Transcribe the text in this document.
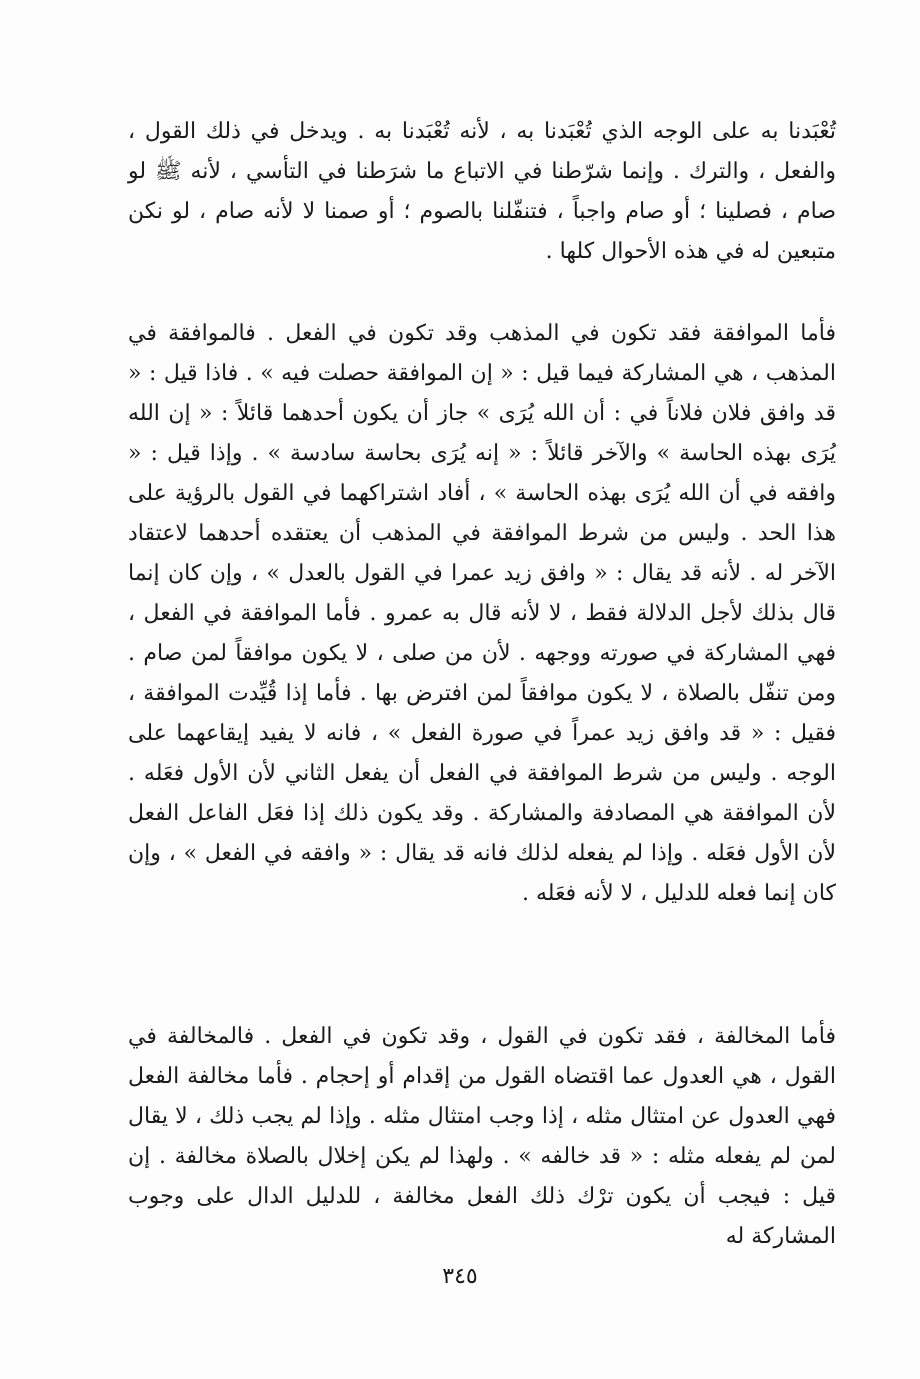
تُعْبَدنا به على الوجه الذي تُعْبَدنا به ، لأنه تُعْبَدنا به . ويدخل في ذلك القول ، والفعل ، والترك . وإنما شرّطنا في الاتباع ما شرَطنا في التأسي ، لأنه ﷺ لو صام ، فصلينا ؛ أو صام واجباً ، فتنفّلنا بالصوم ؛ أو صمنا لا لأنه صام ، لو نكن متبعين له في هذه الأحوال كلها .

فأما الموافقة فقد تكون في المذهب وقد تكون في الفعل . فالموافقة في المذهب ، هي المشاركة فيما قيل : « إن الموافقة حصلت فيه » . فاذا قيل : « قد وافق فلان فلاناً في : أن الله يُرَى » جاز أن يكون أحدهما قائلاً : « إن الله يُرَى بهذه الحاسة » والآخر قائلاً : « إنه يُرَى بحاسة سادسة » . وإذا قيل : « وافقه في أن الله يُرَى بهذه الحاسة » ، أفاد اشتراكهما في القول بالرؤية على هذا الحد . وليس من شرط الموافقة في المذهب أن يعتقده أحدهما لاعتقاد الآخر له . لأنه قد يقال : « وافق زيد عمرا في القول بالعدل » ، وإن كان إنما قال بذلك لأجل الدلالة فقط ، لا لأنه قال به عمرو . فأما الموافقة في الفعل ، فهي المشاركة في صورته ووجهه . لأن من صلى ، لا يكون موافقاً لمن صام . ومن تنفّل بالصلاة ، لا يكون موافقاً لمن افترض بها . فأما إذا قُيِّدت الموافقة ، فقيل : « قد وافق زيد عمراً في صورة الفعل » ، فانه لا يفيد إيقاعهما على الوجه . وليس من شرط الموافقة في الفعل أن يفعل الثاني لأن الأول فعَله . لأن الموافقة هي المصادفة والمشاركة . وقد يكون ذلك إذا فعَل الفاعل الفعل لأن الأول فعَله . وإذا لم يفعله لذلك فانه قد يقال : « وافقه في الفعل » ، وإن كان إنما فعله للدليل ، لا لأنه فعَله .

فأما المخالفة ، فقد تكون في القول ، وقد تكون في الفعل . فالمخالفة في القول ، هي العدول عما اقتضاه القول من إقدام أو إحجام . فأما مخالفة الفعل فهي العدول عن امتثال مثله ، إذا وجب امتثال مثله . وإذا لم يجب ذلك ، لا يقال لمن لم يفعله مثله : « قد خالفه » . ولهذا لم يكن إخلال بالصلاة مخالفة . إن قيل : فيجب أن يكون ترْك ذلك الفعل مخالفة ، للدليل الدال على وجوب المشاركة له

٣٤٥
